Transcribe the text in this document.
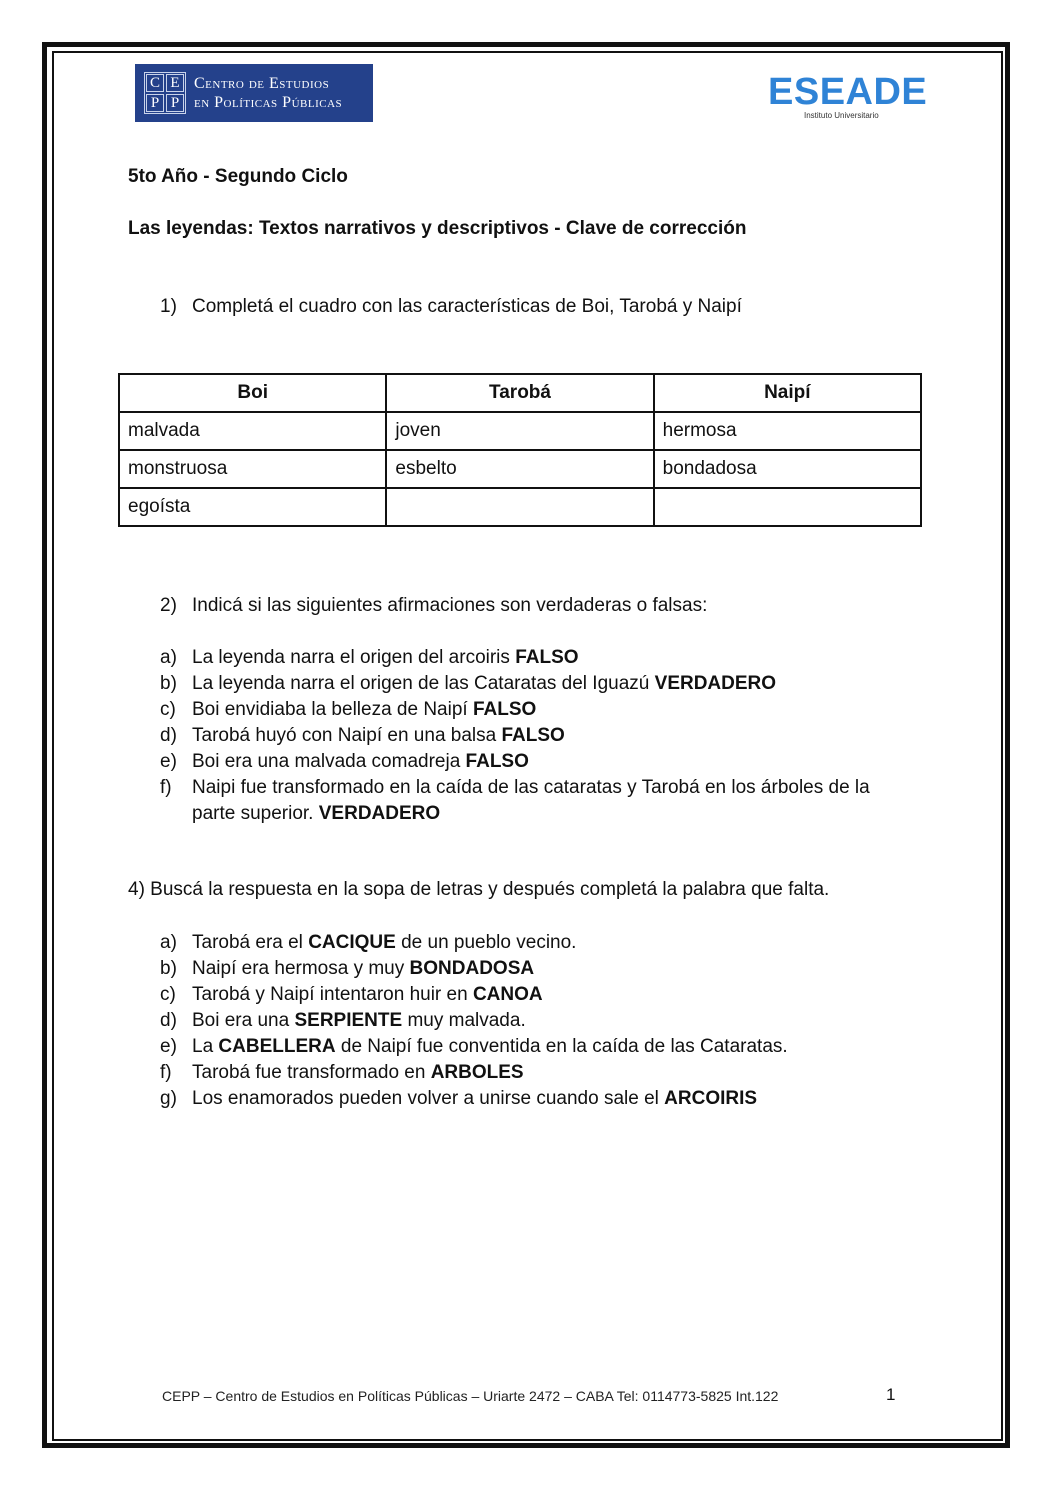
C E
P P
Centro de Estudios
en Políticas Públicas	ESEADE
Instituto Universitario
5to Año - Segundo Ciclo
Las leyendas: Textos narrativos y descriptivos - Clave de corrección
1) Completá el cuadro con las características de Boi, Tarobá y Naipí
Boi	Tarobá	Naipí
malvada	joven	hermosa
monstruosa	esbelto	bondadosa
egoísta		
2) Indicá si las siguientes afirmaciones son verdaderas o falsas:
a) La leyenda narra el origen del arcoiris FALSO
b) La leyenda narra el origen de las Cataratas del Iguazú VERDADERO
c) Boi envidiaba la belleza de Naipí FALSO
d) Tarobá huyó con Naipí en una balsa FALSO
e) Boi era una malvada comadreja FALSO
f) Naipi fue transformado en la caída de las cataratas y Tarobá en los árboles de la parte superior. VERDADERO
4) Buscá la respuesta en la sopa de letras y después completá la palabra que falta.
a) Tarobá era el CACIQUE de un pueblo vecino.
b) Naipí era hermosa y muy BONDADOSA
c) Tarobá y Naipí intentaron huir en CANOA
d) Boi era una SERPIENTE muy malvada.
e) La CABELLERA de Naipí fue conventida en la caída de las Cataratas.
f) Tarobá fue transformado en ARBOLES
g) Los enamorados pueden volver a unirse cuando sale el ARCOIRIS
CEPP – Centro de Estudios en Políticas Públicas – Uriarte 2472 – CABA Tel: 0114773-5825 Int.122	1
